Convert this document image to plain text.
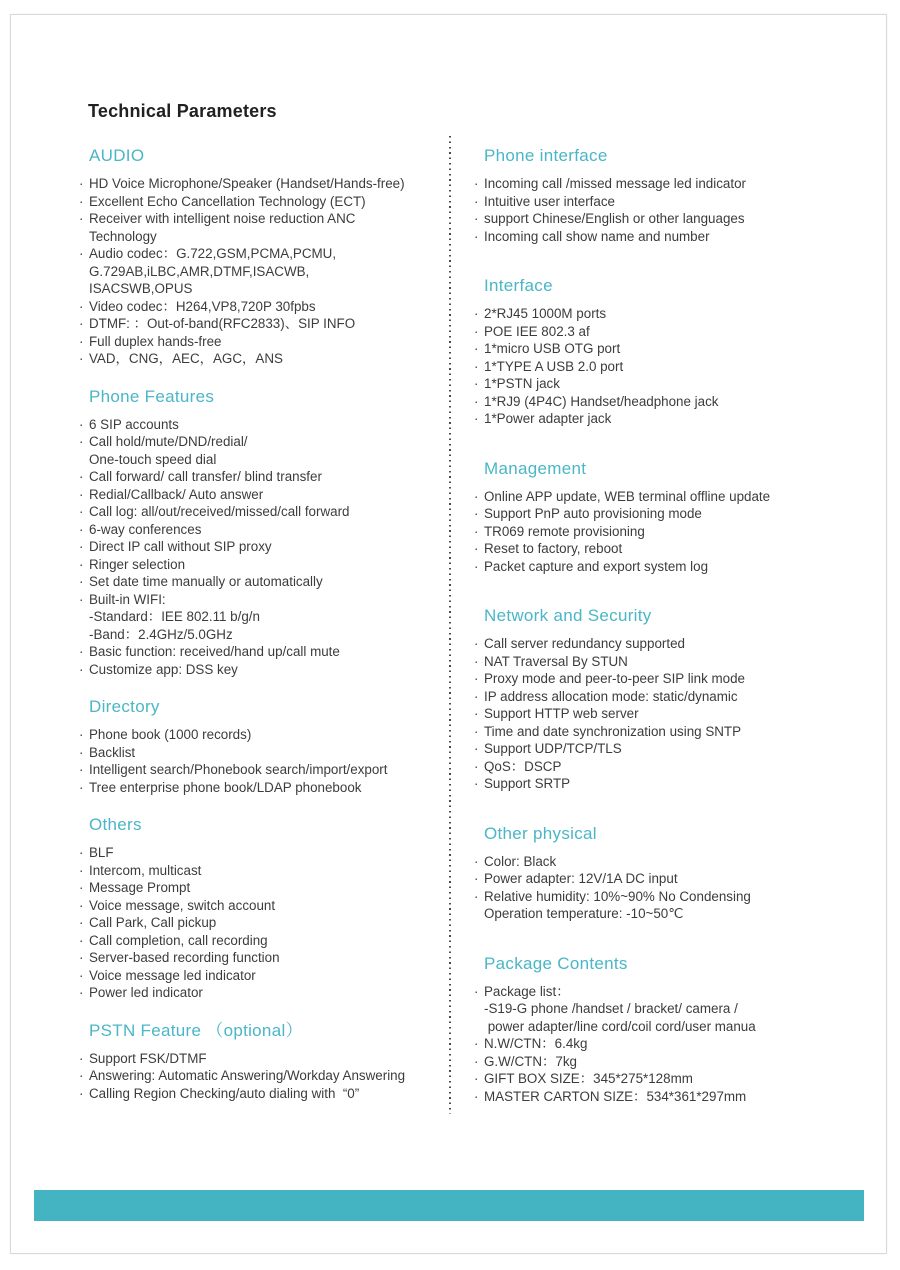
Technical Parameters
AUDIO
· HD Voice Microphone/Speaker (Handset/Hands-free)
· Excellent Echo Cancellation Technology (ECT)
· Receiver with intelligent noise reduction ANC
Technology
· Audio codec：G.722,GSM,PCMA,PCMU,
G.729AB,iLBC,AMR,DTMF,ISACWB,
ISACSWB,OPUS
· Video codec：H264,VP8,720P 30fpbs
· DTMF: ：Out-of-band(RFC2833)、SIP INFO
· Full duplex hands-free
· VAD，CNG，AEC，AGC，ANS
Phone Features
· 6 SIP accounts
· Call hold/mute/DND/redial/
One-touch speed dial
· Call forward/ call transfer/ blind transfer
· Redial/Callback/ Auto answer
· Call log: all/out/received/missed/call forward
· 6-way conferences
· Direct IP call without SIP proxy
· Ringer selection
· Set date time manually or automatically
· Built-in WIFI:
-Standard：IEE 802.11 b/g/n
-Band：2.4GHz/5.0GHz
· Basic function: received/hand up/call mute
· Customize app: DSS key
Directory
· Phone book (1000 records)
· Backlist
· Intelligent search/Phonebook search/import/export
· Tree enterprise phone book/LDAP phonebook
Others
· BLF
· Intercom, multicast
· Message Prompt
· Voice message, switch account
· Call Park, Call pickup
· Call completion, call recording
· Server-based recording function
· Voice message led indicator
· Power led indicator
PSTN Feature （optional）
· Support FSK/DTMF
· Answering: Automatic Answering/Workday Answering
· Calling Region Checking/auto dialing with  “0”
Phone interface
· Incoming call /missed message led indicator
· Intuitive user interface
· support Chinese/English or other languages
· Incoming call show name and number
Interface
· 2*RJ45 1000M ports
· POE IEE 802.3 af
· 1*micro USB OTG port
· 1*TYPE A USB 2.0 port
· 1*PSTN jack
· 1*RJ9 (4P4C) Handset/headphone jack
· 1*Power adapter jack
Management
· Online APP update, WEB terminal offline update
· Support PnP auto provisioning mode
· TR069 remote provisioning
· Reset to factory, reboot
· Packet capture and export system log
Network and Security
· Call server redundancy supported
· NAT Traversal By STUN
· Proxy mode and peer-to-peer SIP link mode
· IP address allocation mode: static/dynamic
· Support HTTP web server
· Time and date synchronization using SNTP
· Support UDP/TCP/TLS
· QoS：DSCP
· Support SRTP
Other physical
· Color: Black
· Power adapter: 12V/1A DC input
· Relative humidity: 10%~90% No Condensing
Operation temperature: -10~50℃
Package Contents
· Package list：
-S19-G phone /handset / bracket/ camera /
power adapter/line cord/coil cord/user manua
· N.W/CTN：6.4kg
· G.W/CTN：7kg
· GIFT BOX SIZE：345*275*128mm
· MASTER CARTON SIZE：534*361*297mm
